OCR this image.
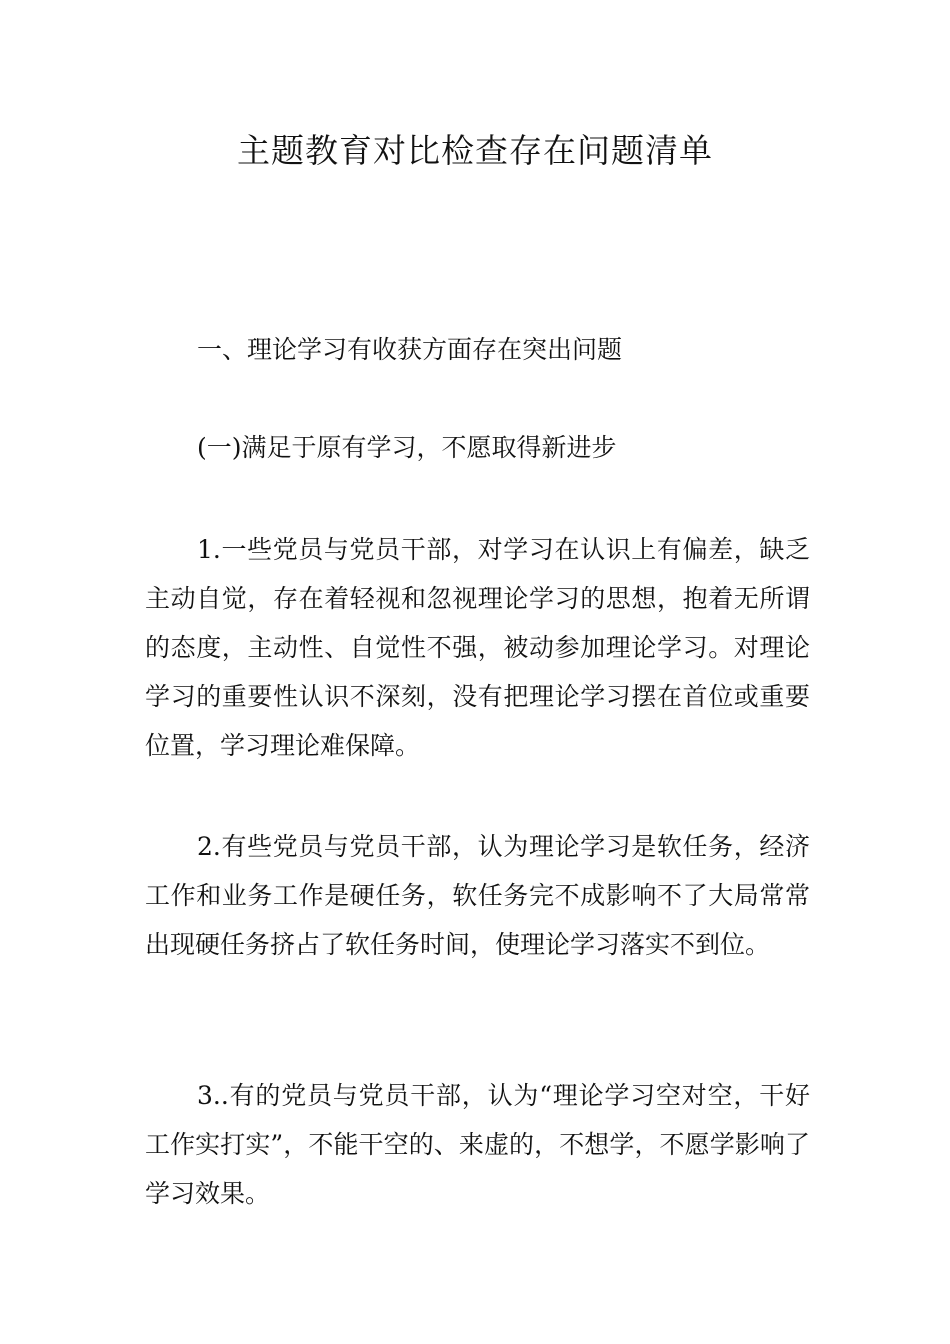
主题教育对比检查存在问题清单

一、理论学习有收获方面存在突出问题

(一)满足于原有学习，不愿取得新进步

1.一些党员与党员干部，对学习在认识上有偏差，缺乏主动自觉，存在着轻视和忽视理论学习的思想，抱着无所谓的态度，主动性、自觉性不强，被动参加理论学习。对理论学习的重要性认识不深刻，没有把理论学习摆在首位或重要位置，学习理论难保障。

2.有些党员与党员干部，认为理论学习是软任务，经济工作和业务工作是硬任务，软任务完不成影响不了大局常常出现硬任务挤占了软任务时间，使理论学习落实不到位。

3..有的党员与党员干部，认为“理论学习空对空，干好工作实打实”，不能干空的、来虚的，不想学，不愿学影响了学习效果。
